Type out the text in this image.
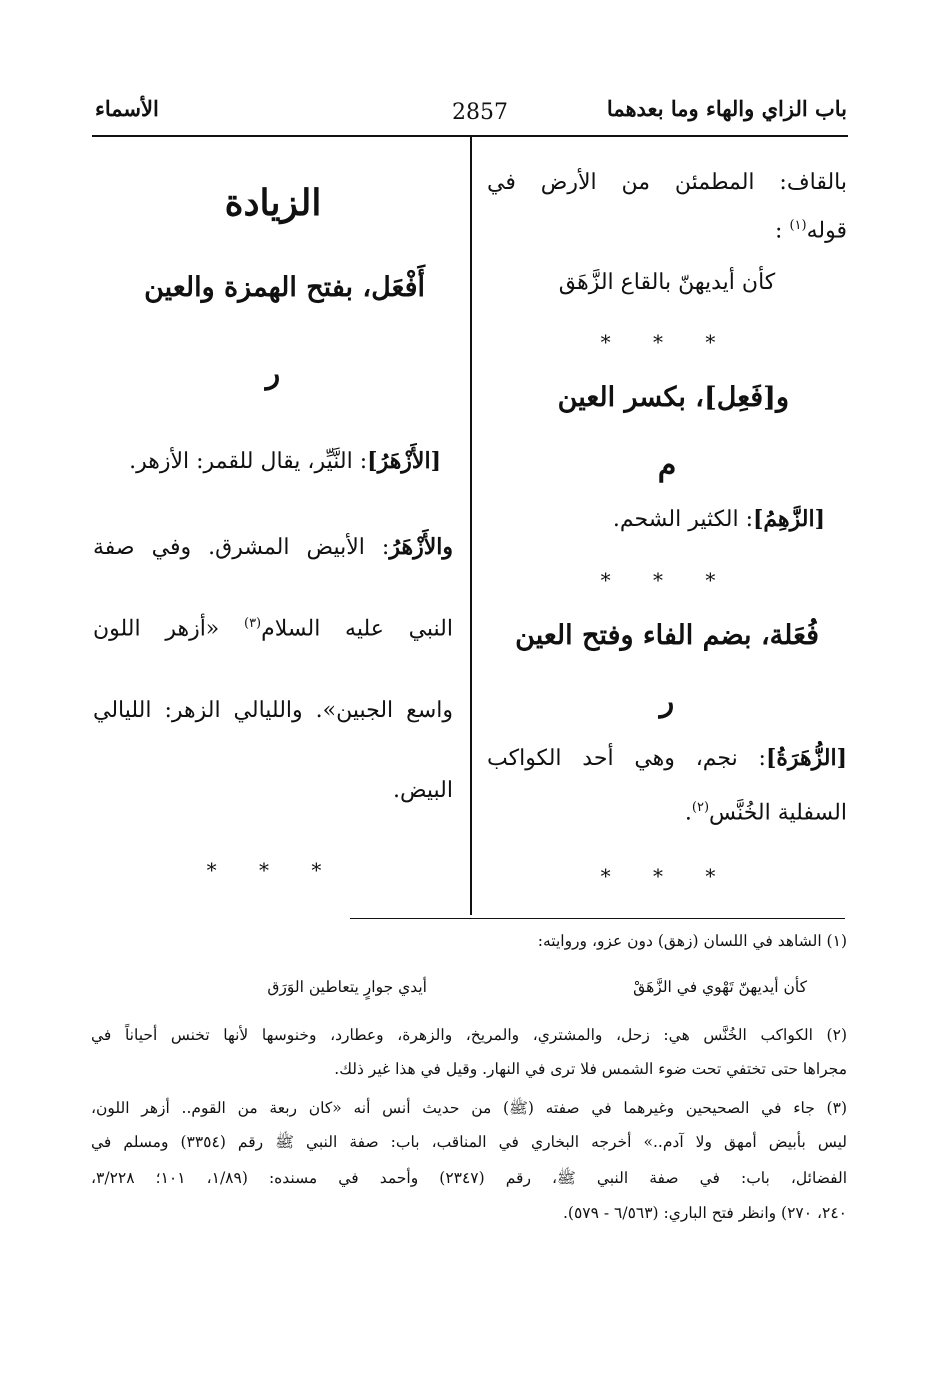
باب الزاي والهاء وما بعدهما
2857
الأسماء
بالقاف: المطمئن من الأرض في
قوله$^{(١)}$ :
كأن أيديهنّ بالقاع الزَّهَق
* * *
و[فَعِل]، بكسر العين
م
[الزَّهِمُ]: الكثير الشحم.
* * *
فُعَلة، بضم الفاء وفتح العين
ر
[الزُّهَرَةُ]: نجم، وهي أحد الكواكب
السفلية الخُنَّس$^{(٢)}$.
* * *
الزيادة
أَفْعَل، بفتح الهمزة والعين
ر
[الأَزْهَرُ]: النَّيِّر، يقال للقمر: الأزهر.
والأَزْهَرُ: الأبيض المشرق. وفي صفة
النبي عليه السلام$^{(٣)}$ «أزهر اللون
واسع الجبين». والليالي الزهر: الليالي
البيض.
* * *
(١) الشاهد في اللسان (زهق) دون عزو، وروايته:
كأن أيديهنّ تَهْوي في الزَّهَقْ
أيدي جوارٍ يتعاطين الوَرَق
(٢) الكواكب الخُنَّس هي: زحل، والمشتري، والمريخ، والزهرة، وعطارد، وخنوسها لأنها تخنس أحياناً في
مجراها حتى تختفي تحت ضوء الشمس فلا ترى في النهار. وقيل في هذا غير ذلك.
(٣) جاء في الصحيحين وغيرهما في صفته (ﷺ) من حديث أنس أنه «كان ربعة من القوم.. أزهر اللون،
ليس بأبيض أمهق ولا آدم..» أخرجه البخاري في المناقب، باب: صفة النبي ﷺ رقم (٣٣٥٤) ومسلم في
الفضائل، باب: في صفة النبي ﷺ، رقم (٢٣٤٧) وأحمد في مسنده: (١/٨٩، ١٠١؛ ٣/٢٢٨،
٢٤٠، ٢٧٠) وانظر فتح الباري: (٦/٥٦٣ - ٥٧٩).
